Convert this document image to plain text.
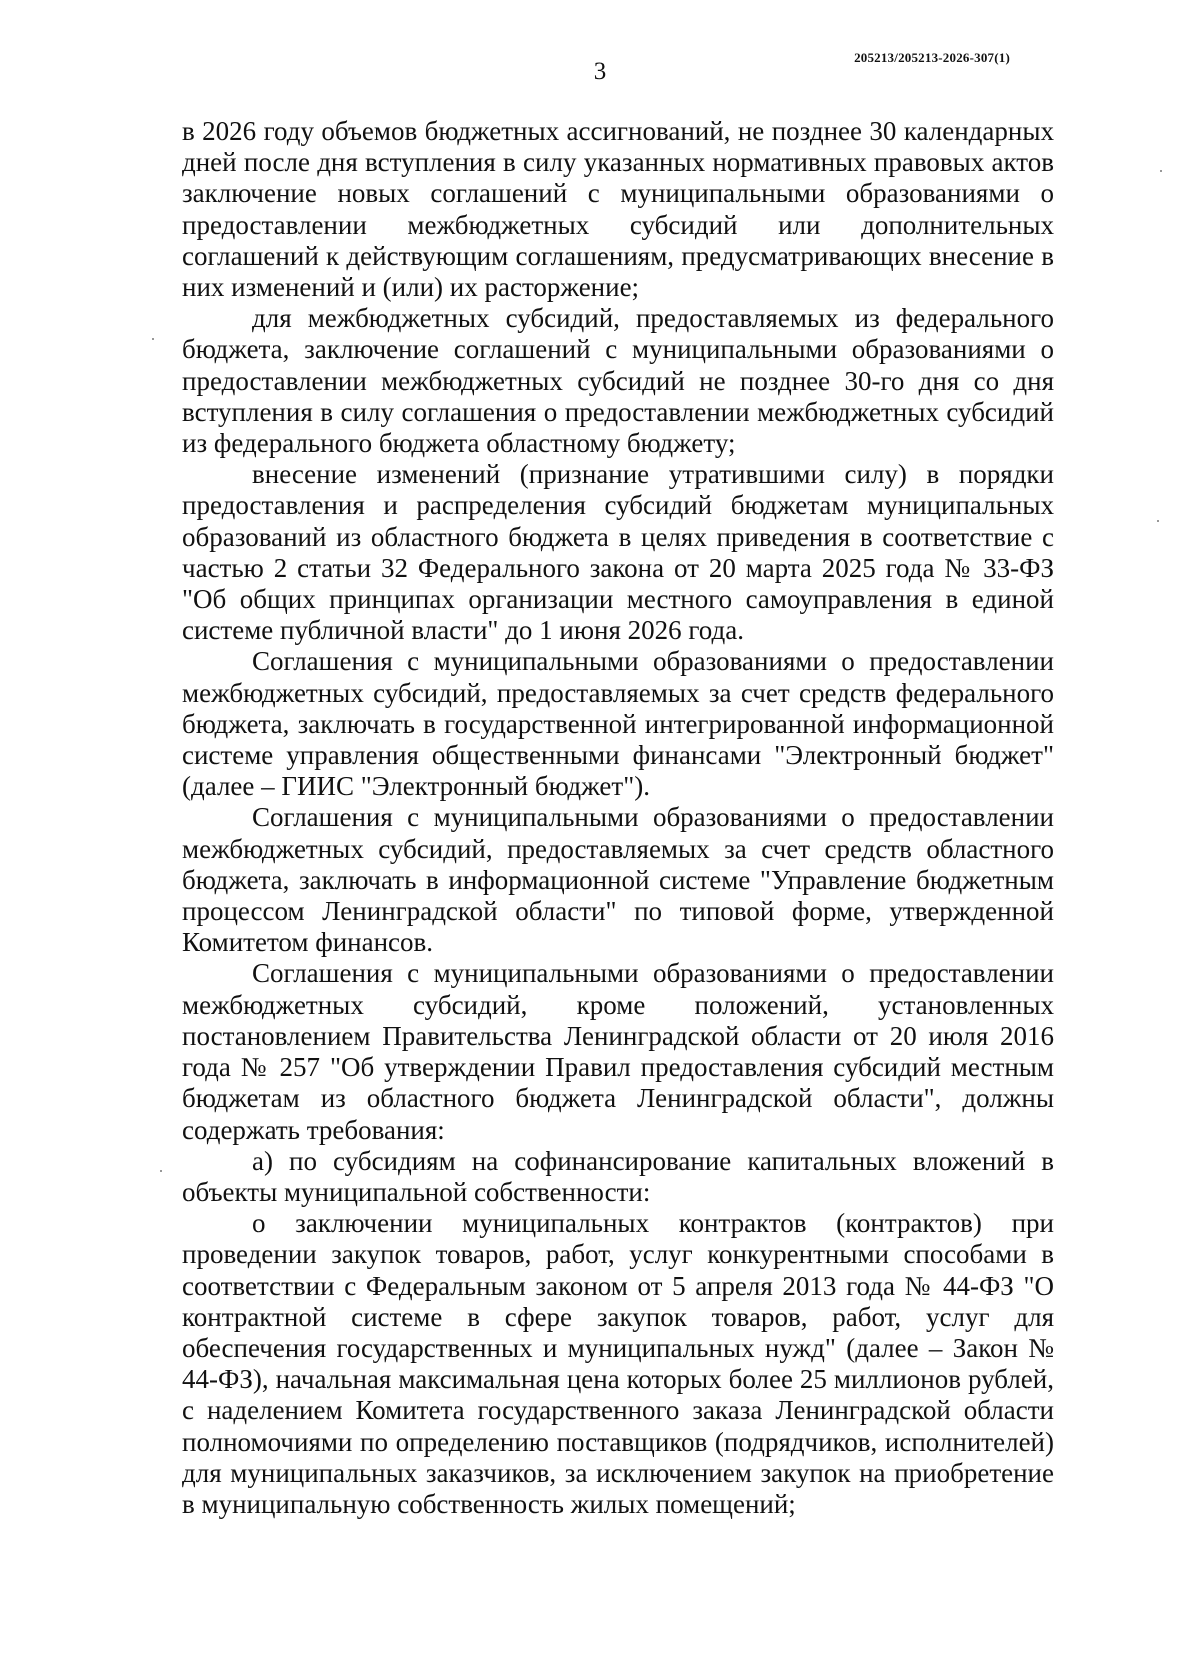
205213/205213-2026-307(1)
3

в 2026 году объемов бюджетных ассигнований, не позднее 30 календарных дней после дня вступления в силу указанных нормативных правовых актов заключение новых соглашений с муниципальными образованиями о предоставлении межбюджетных субсидий или дополнительных соглашений к действующим соглашениям, предусматривающих внесение в них изменений и (или) их расторжение;

для межбюджетных субсидий, предоставляемых из федерального бюджета, заключение соглашений с муниципальными образованиями о предоставлении межбюджетных субсидий не позднее 30-го дня со дня вступления в силу соглашения о предоставлении межбюджетных субсидий из федерального бюджета областному бюджету;

внесение изменений (признание утратившими силу) в порядки предоставления и распределения субсидий бюджетам муниципальных образований из областного бюджета в целях приведения в соответствие с частью 2 статьи 32 Федерального закона от 20 марта 2025 года № 33-ФЗ "Об общих принципах организации местного самоуправления в единой системе публичной власти" до 1 июня 2026 года.

Соглашения с муниципальными образованиями о предоставлении межбюджетных субсидий, предоставляемых за счет средств федерального бюджета, заключать в государственной интегрированной информационной системе управления общественными финансами "Электронный бюджет" (далее – ГИИС "Электронный бюджет").

Соглашения с муниципальными образованиями о предоставлении межбюджетных субсидий, предоставляемых за счет средств областного бюджета, заключать в информационной системе "Управление бюджетным процессом Ленинградской области" по типовой форме, утвержденной Комитетом финансов.

Соглашения с муниципальными образованиями о предоставлении межбюджетных субсидий, кроме положений, установленных постановлением Правительства Ленинградской области от 20 июля 2016 года № 257 "Об утверждении Правил предоставления субсидий местным бюджетам из областного бюджета Ленинградской области", должны содержать требования:

а) по субсидиям на софинансирование капитальных вложений в объекты муниципальной собственности:

о заключении муниципальных контрактов (контрактов) при проведении закупок товаров, работ, услуг конкурентными способами в соответствии с Федеральным законом от 5 апреля 2013 года № 44-ФЗ "О контрактной системе в сфере закупок товаров, работ, услуг для обеспечения государственных и муниципальных нужд" (далее – Закон № 44-ФЗ), начальная максимальная цена которых более 25 миллионов рублей, с наделением Комитета государственного заказа Ленинградской области полномочиями по определению поставщиков (подрядчиков, исполнителей) для муниципальных заказчиков, за исключением закупок на приобретение в муниципальную собственность жилых помещений;
